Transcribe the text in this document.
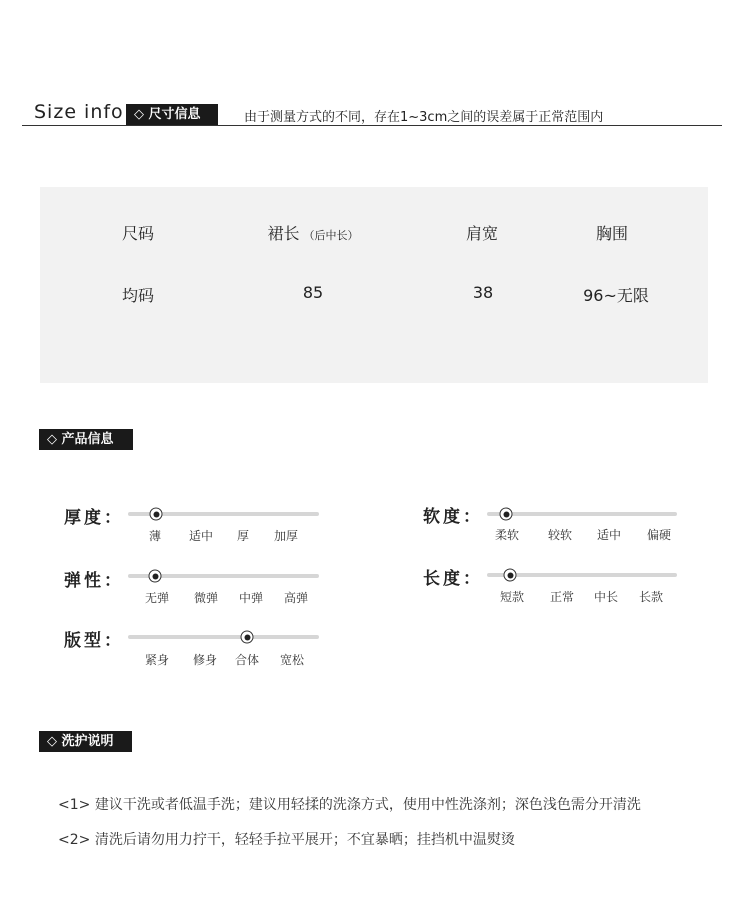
Size info ◇ 尺寸信息	由于测量方式的不同，存在1~3cm之间的误差属于正常范围内
尺码	裙长 （后中长）	肩宽	胸围
均码	85	38	96~无限
◇ 产品信息
厚度：
薄 适中 厚 加厚
软度：
柔软 较软 适中 偏硬
弹性：
无弹 微弹 中弹 高弹
长度：
短款 正常 中长 长款
版型：
紧身 修身 合体 宽松
◇ 洗护说明
<1> 建议干洗或者低温手洗；建议用轻揉的洗涤方式，使用中性洗涤剂；深色浅色需分开清洗
<2> 清洗后请勿用力拧干，轻轻手拉平展开；不宜暴晒；挂挡机中温熨烫
